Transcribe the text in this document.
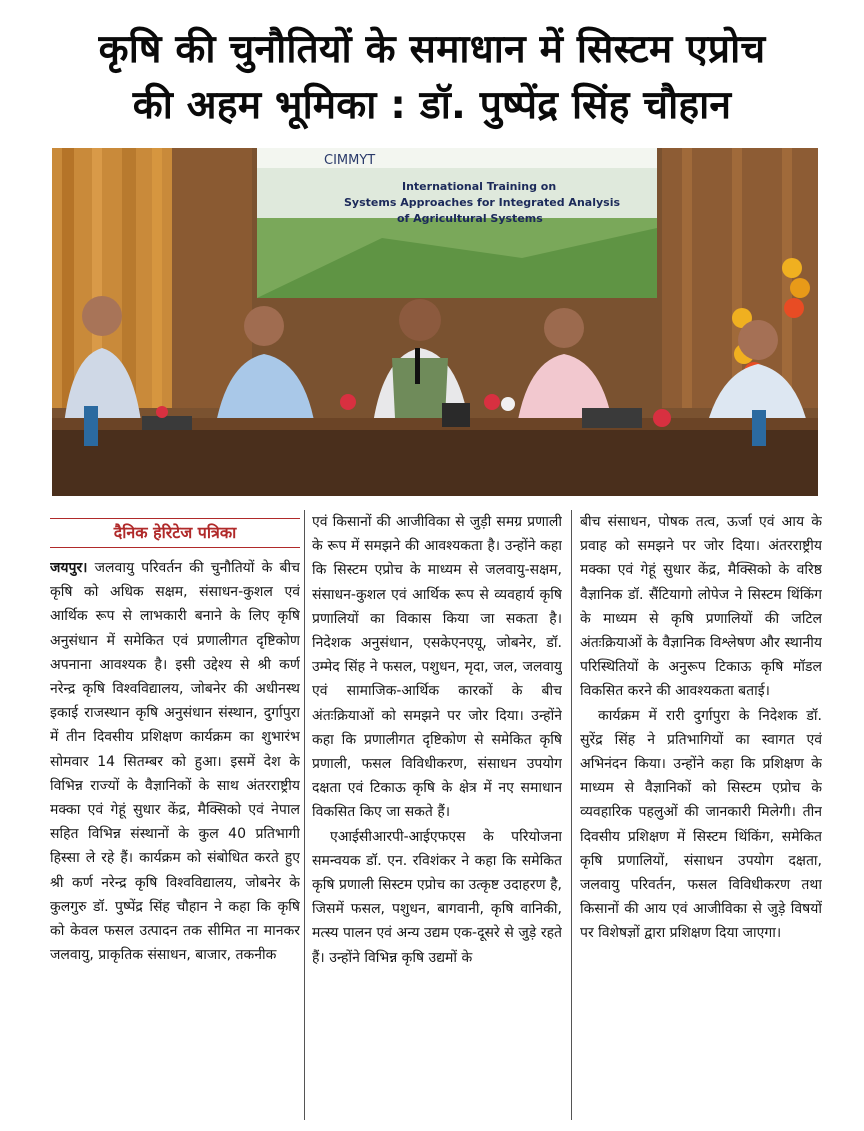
कृषि की चुनौतियों के समाधान में सिस्टम एप्रोच
की अहम भूमिका : डॉ. पुष्पेंद्र सिंह चौहान
CIMMYT
International Training on
Systems Approaches for Integrated Analysis
of Agricultural Systems
दैनिक हेरिटेज पत्रिका

जयपुर। जलवायु परिवर्तन की चुनौतियों के बीच कृषि को अधिक सक्षम, संसाधन-कुशल एवं आर्थिक रूप से लाभकारी बनाने के लिए कृषि अनुसंधान में समेकित एवं प्रणालीगत दृष्टिकोण अपनाना आवश्यक है। इसी उद्देश्य से श्री कर्ण नरेन्द्र कृषि विश्वविद्यालय, जोबनेर की अधीनस्थ इकाई राजस्थान कृषि अनुसंधान संस्थान, दुर्गापुरा में तीन दिवसीय प्रशिक्षण कार्यक्रम का शुभारंभ सोमवार 14 सितम्बर को हुआ। इसमें देश के विभिन्न राज्यों के वैज्ञानिकों के साथ अंतरराष्ट्रीय मक्का एवं गेहूं सुधार केंद्र, मैक्सिको एवं नेपाल सहित विभिन्न संस्थानों के कुल 40 प्रतिभागी हिस्सा ले रहे हैं। कार्यक्रम को संबोधित करते हुए श्री कर्ण नरेन्द्र कृषि विश्वविद्यालय, जोबनेर के कुलगुरु डॉ. पुष्पेंद्र सिंह चौहान ने कहा कि कृषि को केवल फसल उत्पादन तक सीमित ना मानकर जलवायु, प्राकृतिक संसाधन, बाजार, तकनीक

एवं किसानों की आजीविका से जुड़ी समग्र प्रणाली के रूप में समझने की आवश्यकता है। उन्होंने कहा कि सिस्टम एप्रोच के माध्यम से जलवायु-सक्षम, संसाधन-कुशल एवं आर्थिक रूप से व्यवहार्य कृषि प्रणालियों का विकास किया जा सकता है। निदेशक अनुसंधान, एसकेएनएयू, जोबनेर, डॉ. उम्मेद सिंह ने फसल, पशुधन, मृदा, जल, जलवायु एवं सामाजिक-आर्थिक कारकों के बीच अंतःक्रियाओं को समझने पर जोर दिया। उन्होंने कहा कि प्रणालीगत दृष्टिकोण से समेकित कृषि प्रणाली, फसल विविधीकरण, संसाधन उपयोग दक्षता एवं टिकाऊ कृषि के क्षेत्र में नए समाधान विकसित किए जा सकते हैं।

एआईसीआरपी-आईएफएस के परियोजना समन्वयक डॉ. एन. रविशंकर ने कहा कि समेकित कृषि प्रणाली सिस्टम एप्रोच का उत्कृष्ट उदाहरण है, जिसमें फसल, पशुधन, बागवानी, कृषि वानिकी, मत्स्य पालन एवं अन्य उद्यम एक-दूसरे से जुड़े रहते हैं। उन्होंने विभिन्न कृषि उद्यमों के

बीच संसाधन, पोषक तत्व, ऊर्जा एवं आय के प्रवाह को समझने पर जोर दिया। अंतरराष्ट्रीय मक्का एवं गेहूं सुधार केंद्र, मैक्सिको के वरिष्ठ वैज्ञानिक डॉ. सैंटियागो लोपेज ने सिस्टम थिंकिंग के माध्यम से कृषि प्रणालियों की जटिल अंतःक्रियाओं के वैज्ञानिक विश्लेषण और स्थानीय परिस्थितियों के अनुरूप टिकाऊ कृषि मॉडल विकसित करने की आवश्यकता बताई।

कार्यक्रम में रारी दुर्गापुरा के निदेशक डॉ. सुरेंद्र सिंह ने प्रतिभागियों का स्वागत एवं अभिनंदन किया। उन्होंने कहा कि प्रशिक्षण के माध्यम से वैज्ञानिकों को सिस्टम एप्रोच के व्यवहारिक पहलुओं की जानकारी मिलेगी। तीन दिवसीय प्रशिक्षण में सिस्टम थिंकिंग, समेकित कृषि प्रणालियों, संसाधन उपयोग दक्षता, जलवायु परिवर्तन, फसल विविधीकरण तथा किसानों की आय एवं आजीविका से जुड़े विषयों पर विशेषज्ञों द्वारा प्रशिक्षण दिया जाएगा।
